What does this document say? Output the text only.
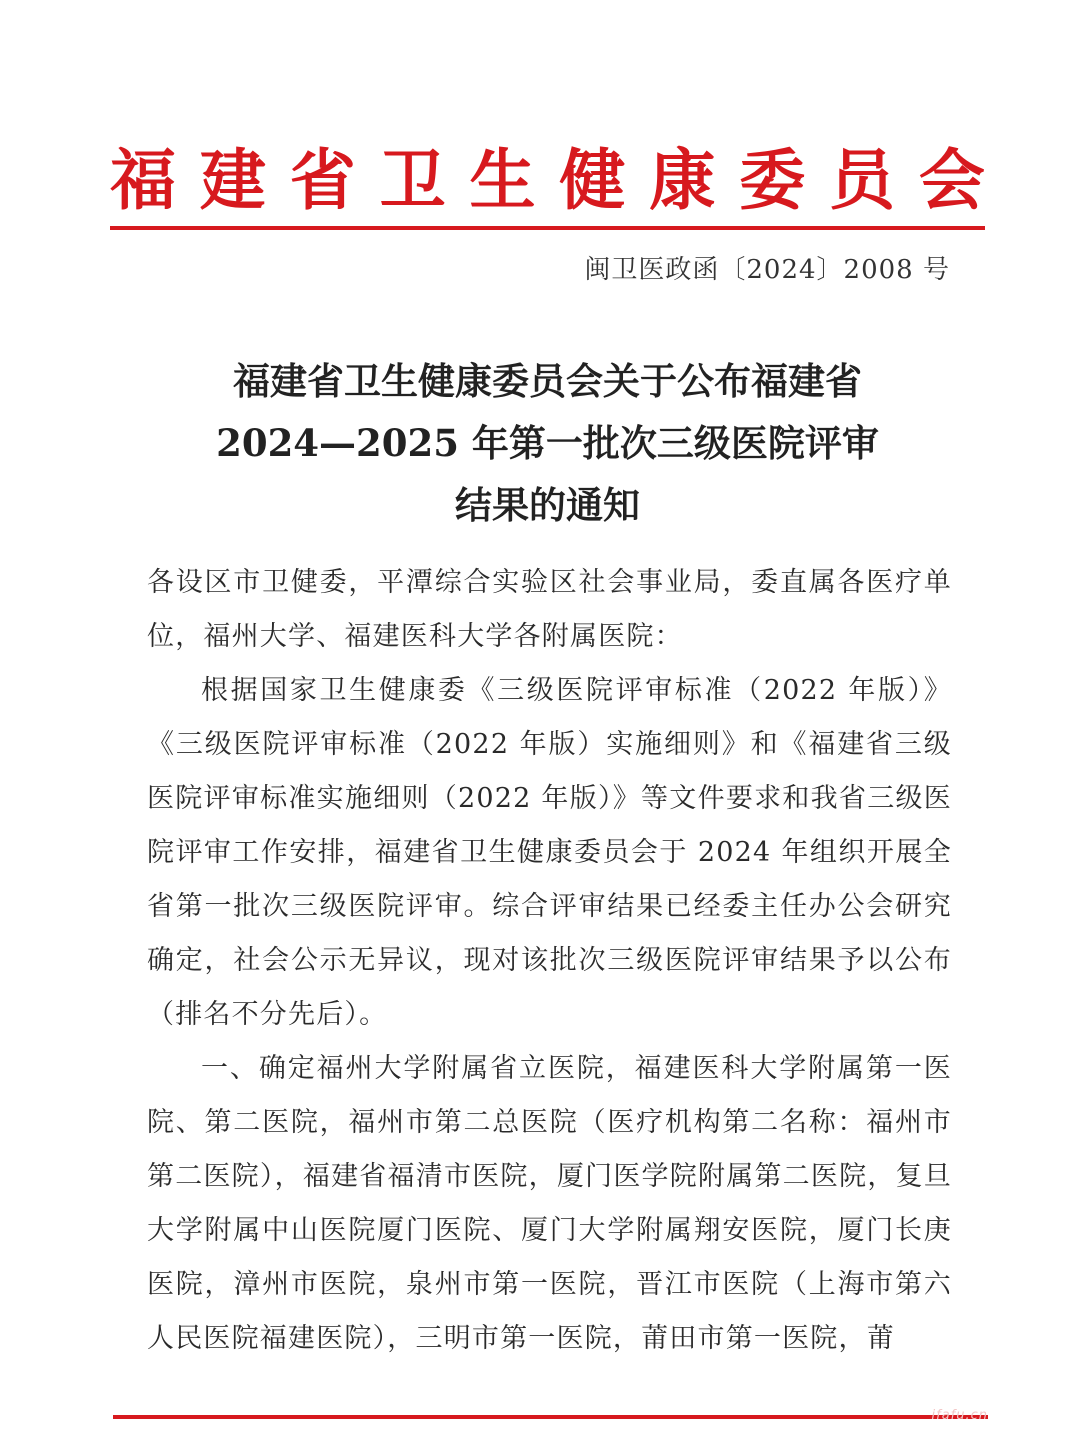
福 建 省 卫 生 健 康 委 员 会
闽卫医政函〔2024〕2008 号
福建省卫生健康委员会关于公布福建省
2024—2025 年第一批次三级医院评审
结果的通知

各设区市卫健委，平潭综合实验区社会事业局，委直属各医疗单位，福州大学、福建医科大学各附属医院：

根据国家卫生健康委《三级医院评审标准（2022 年版）》《三级医院评审标准（2022 年版）实施细则》和《福建省三级医院评审标准实施细则（2022 年版）》等文件要求和我省三级医院评审工作安排，福建省卫生健康委员会于 2024 年组织开展全省第一批次三级医院评审。综合评审结果已经委主任办公会研究确定，社会公示无异议，现对该批次三级医院评审结果予以公布（排名不分先后）。

一、确定福州大学附属省立医院，福建医科大学附属第一医院、第二医院，福州市第二总医院（医疗机构第二名称：福州市第二医院），福建省福清市医院，厦门医学院附属第二医院，复旦大学附属中山医院厦门医院、厦门大学附属翔安医院，厦门长庚医院，漳州市医院，泉州市第一医院，晋江市医院（上海市第六人民医院福建医院），三明市第一医院，莆田市第一医院，莆

ifafu.cn
